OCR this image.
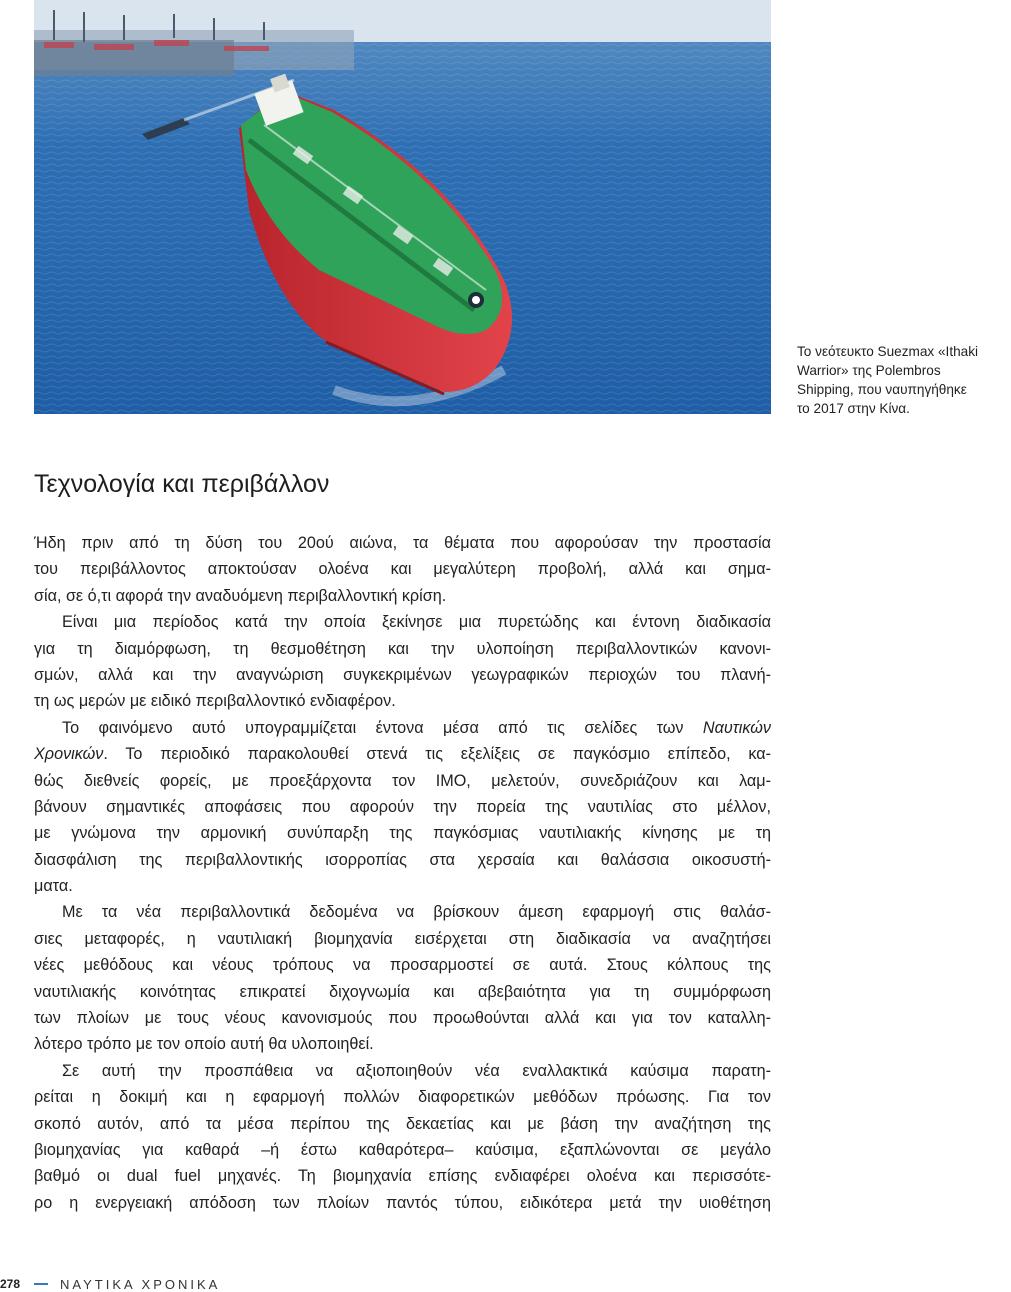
Το νεότευκτο Suezmax «Ithaki
Warrior» της Polembros
Shipping, που ναυπηγήθηκε
το 2017 στην Κίνα.
Τεχνολογία και περιβάλλον
Ήδη πριν από τη δύση του 20ού αιώνα, τα θέματα που αφορούσαν την προστασία
του περιβάλλοντος αποκτούσαν ολοένα και μεγαλύτερη προβολή, αλλά και σημα-
σία, σε ό,τι αφορά την αναδυόμενη περιβαλλοντική κρίση.
Είναι μια περίοδος κατά την οποία ξεκίνησε μια πυρετώδης και έντονη διαδικασία
για τη διαμόρφωση, τη θεσμοθέτηση και την υλοποίηση περιβαλλοντικών κανονι-
σμών, αλλά και την αναγνώριση συγκεκριμένων γεωγραφικών περιοχών του πλανή-
τη ως μερών με ειδικό περιβαλλοντικό ενδιαφέρον.
Το φαινόμενο αυτό υπογραμμίζεται έντονα μέσα από τις σελίδες των Ναυτικών
Χρονικών. Το περιοδικό παρακολουθεί στενά τις εξελίξεις σε παγκόσμιο επίπεδο, κα-
θώς διεθνείς φορείς, με προεξάρχοντα τον IMO, μελετούν, συνεδριάζουν και λαμ-
βάνουν σημαντικές αποφάσεις που αφορούν την πορεία της ναυτιλίας στο μέλλον,
με γνώμονα την αρμονική συνύπαρξη της παγκόσμιας ναυτιλιακής κίνησης με τη
διασφάλιση της περιβαλλοντικής ισορροπίας στα χερσαία και θαλάσσια οικοσυστή-
ματα.
Με τα νέα περιβαλλοντικά δεδομένα να βρίσκουν άμεση εφαρμογή στις θαλάσ-
σιες μεταφορές, η ναυτιλιακή βιομηχανία εισέρχεται στη διαδικασία να αναζητήσει
νέες μεθόδους και νέους τρόπους να προσαρμοστεί σε αυτά. Στους κόλπους της
ναυτιλιακής κοινότητας επικρατεί διχογνωμία και αβεβαιότητα για τη συμμόρφωση
των πλοίων με τους νέους κανονισμούς που προωθούνται αλλά και για τον καταλλη-
λότερο τρόπο με τον οποίο αυτή θα υλοποιηθεί.
Σε αυτή την προσπάθεια να αξιοποιηθούν νέα εναλλακτικά καύσιμα παρατη-
ρείται η δοκιμή και η εφαρμογή πολλών διαφορετικών μεθόδων πρόωσης. Για τον
σκοπό αυτόν, από τα μέσα περίπου της δεκαετίας και με βάση την αναζήτηση της
βιομηχανίας για καθαρά –ή έστω καθαρότερα– καύσιμα, εξαπλώνονται σε μεγάλο
βαθμό οι dual fuel μηχανές. Τη βιομηχανία επίσης ενδιαφέρει ολοένα και περισσότε-
ρο η ενεργειακή απόδοση των πλοίων παντός τύπου, ειδικότερα μετά την υιοθέτηση
278	ΝΑΥΤΙΚΑ ΧΡΟΝΙΚΑ
